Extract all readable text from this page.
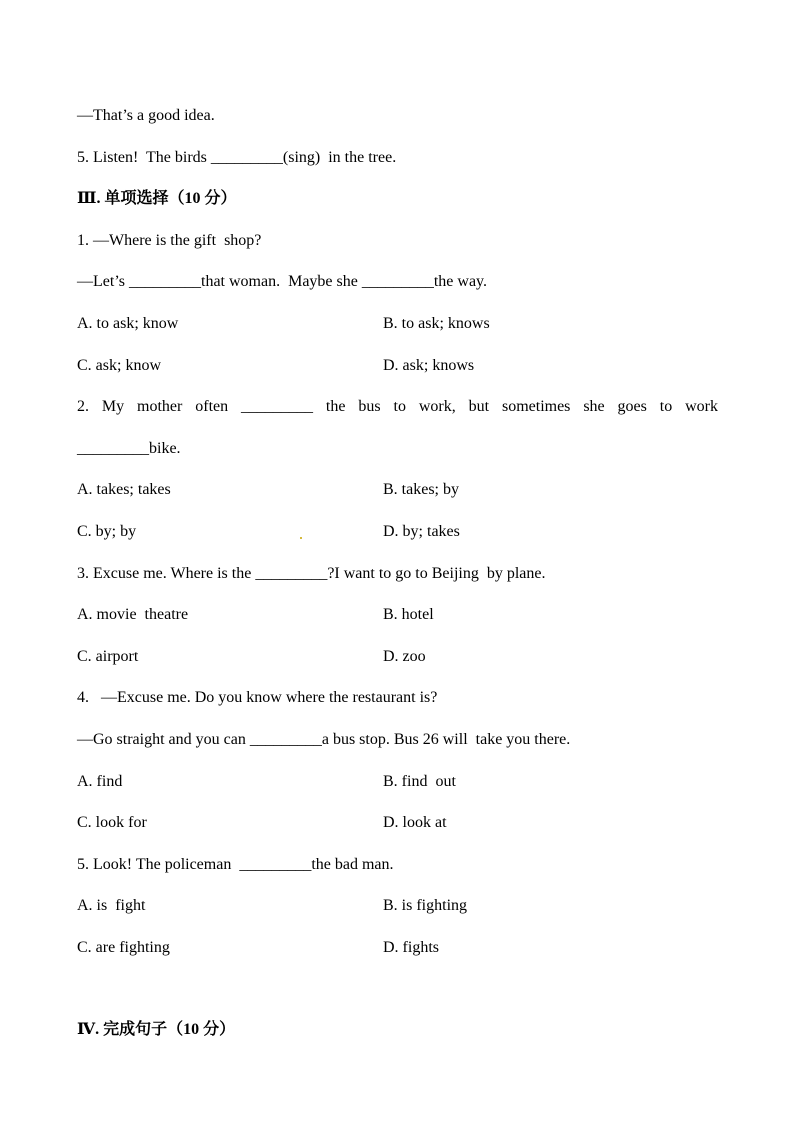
—That’s a good idea.
5. Listen!  The birds _________(sing)  in the tree.
Ⅲ. 单项选择（10 分）
1. —Where is the gift  shop?
—Let’s _________that woman.  Maybe she _________the way.
A. to ask; know	B. to ask; knows
C. ask; know	D. ask; knows
2. My mother often _________ the bus to work, but sometimes she goes to work
_________bike.
A. takes; takes	B. takes; by
C. by; by	D. by; takes
3. Excuse me. Where is the _________?I want to go to Beijing  by plane.
A. movie  theatre	B. hotel
C. airport	D. zoo
4.   —Excuse me. Do you know where the restaurant is?
—Go straight and you can _________a bus stop. Bus 26 will  take you there.
A. find	B. find  out
C. look for	D. look at
5. Look! The policeman  _________the bad man.
A. is  fight	B. is fighting
C. are fighting	D. fights
Ⅳ. 完成句子（10 分）
